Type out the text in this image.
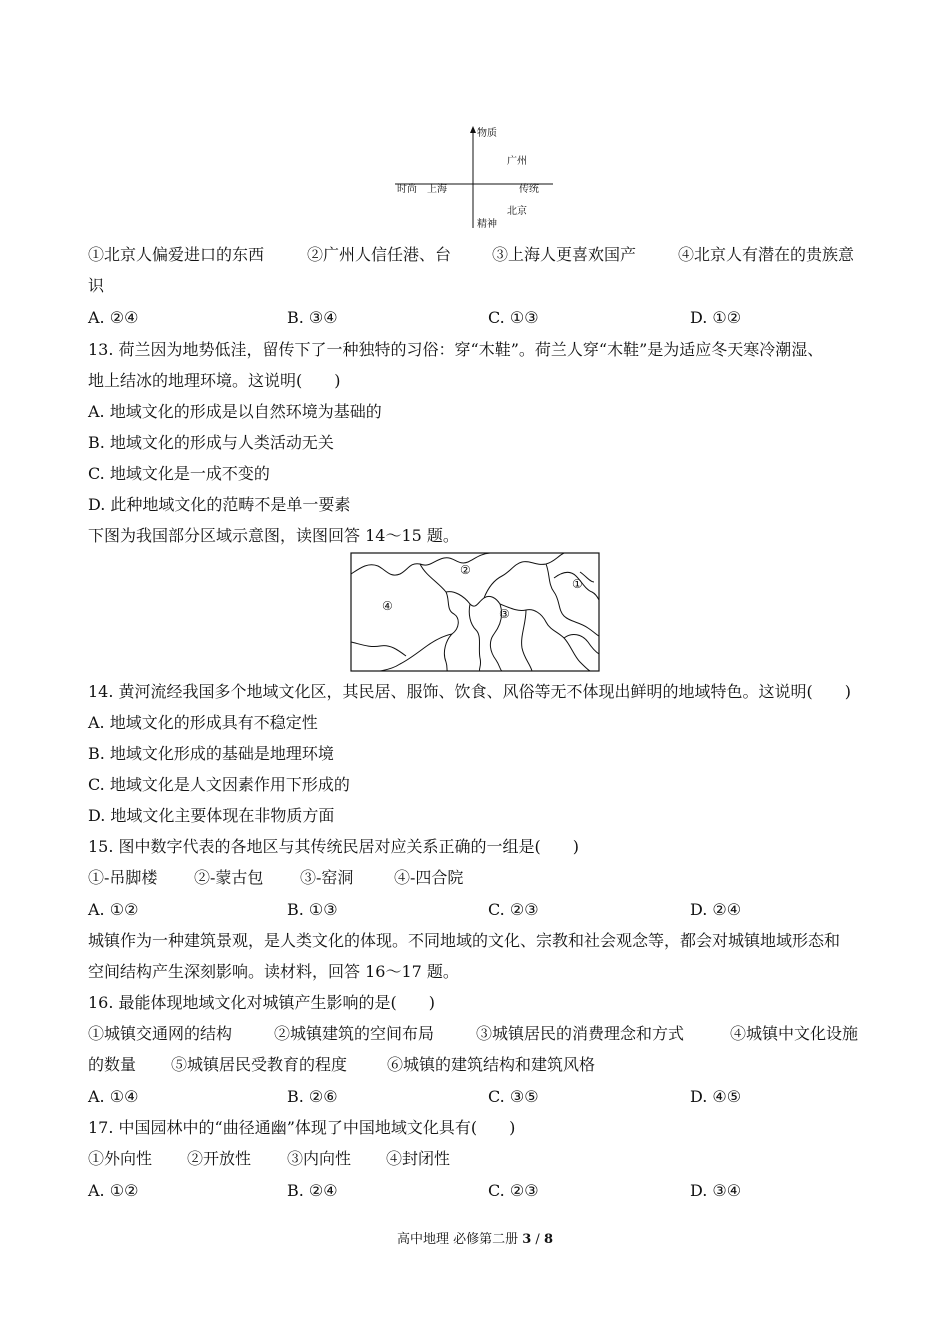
物质
精神
时尚	传统
广州
上海
北京
①北京人偏爱进口的东西	②广州人信任港、台	③上海人更喜欢国产	④北京人有潜在的贵族意
识
A. ②④	B. ③④	C. ①③	D. ①②
13. 荷兰因为地势低洼，留传下了一种独特的习俗：穿“木鞋”。荷兰人穿“木鞋”是为适应冬天寒冷潮湿、
地上结冰的地理环境。这说明(　　)
A. 地域文化的形成是以自然环境为基础的
B. 地域文化的形成与人类活动无关
C. 地域文化是一成不变的
D. 此种地域文化的范畴不是单一要素
下图为我国部分区域示意图，读图回答 14～15 题。
①
②
③
④
14. 黄河流经我国多个地域文化区，其民居、服饰、饮食、风俗等无不体现出鲜明的地域特色。这说明(　　)
A. 地域文化的形成具有不稳定性
B. 地域文化形成的基础是地理环境
C. 地域文化是人文因素作用下形成的
D. 地域文化主要体现在非物质方面
15. 图中数字代表的各地区与其传统民居对应关系正确的一组是(　　)
①-吊脚楼 ②-蒙古包 ③-窑洞	④-四合院
A. ①②	B. ①③	C. ②③	D. ②④
城镇作为一种建筑景观，是人类文化的体现。不同地域的文化、宗教和社会观念等，都会对城镇地域形态和
空间结构产生深刻影响。读材料，回答 16～17 题。
16. 最能体现地域文化对城镇产生影响的是(　　)
①城镇交通网的结构	②城镇建筑的空间布局	③城镇居民的消费理念和方式	④城镇中文化设施
的数量 ⑤城镇居民受教育的程度 ⑥城镇的建筑结构和建筑风格
A. ①④	B. ②⑥	C. ③⑤	D. ④⑤
17. 中国园林中的“曲径通幽”体现了中国地域文化具有(　　)
①外向性 ②开放性 ③内向性 ④封闭性
A. ①②	B. ②④	C. ②③	D. ③④
高中地理 必修第二册 3 / 8
